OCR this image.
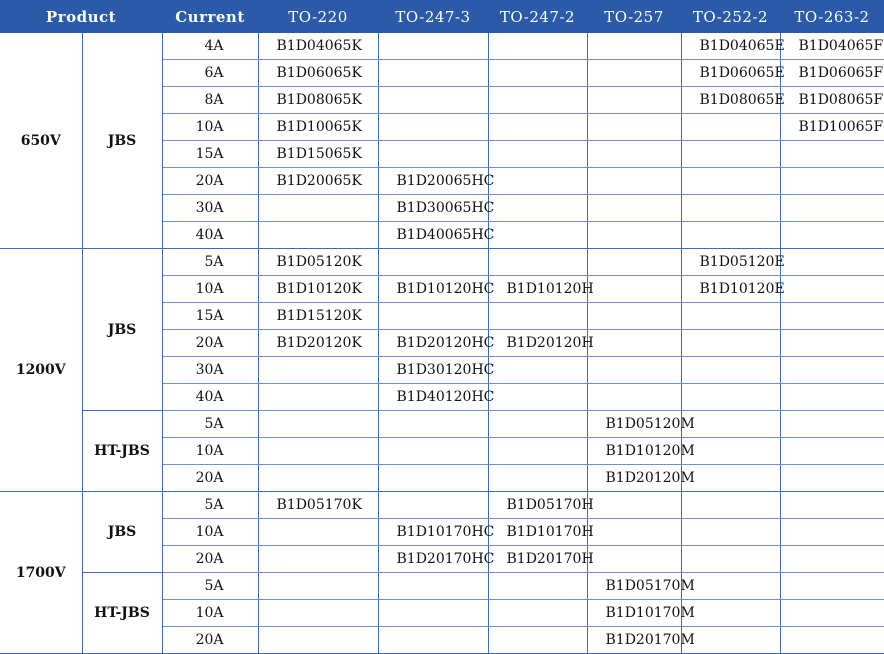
Product		Current	TO-220	TO-247-3	TO-247-2	TO-257	TO-252-2	TO-263-2
650V	JBS	4A	B1D04065K				B1D04065E	B1D04065F
		6A	B1D06065K				B1D06065E	B1D06065F
		8A	B1D08065K				B1D08065E	B1D08065F
		10A	B1D10065K					B1D10065F
		15A	B1D15065K					
		20A	B1D20065K	B1D20065HC				
		30A		B1D30065HC				
		40A		B1D40065HC				
1200V	JBS	5A	B1D05120K				B1D05120E	
		10A	B1D10120K	B1D10120HC	B1D10120H		B1D10120E	
		15A	B1D15120K					
		20A	B1D20120K	B1D20120HC	B1D20120H			
		30A		B1D30120HC				
		40A		B1D40120HC				
	HT-JBS	5A				B1D05120M		
		10A				B1D10120M		
		20A				B1D20120M		
1700V	JBS	5A	B1D05170K		B1D05170H			
		10A		B1D10170HC	B1D10170H			
		20A		B1D20170HC	B1D20170H			
	HT-JBS	5A				B1D05170M		
		10A				B1D10170M		
		20A				B1D20170M		
